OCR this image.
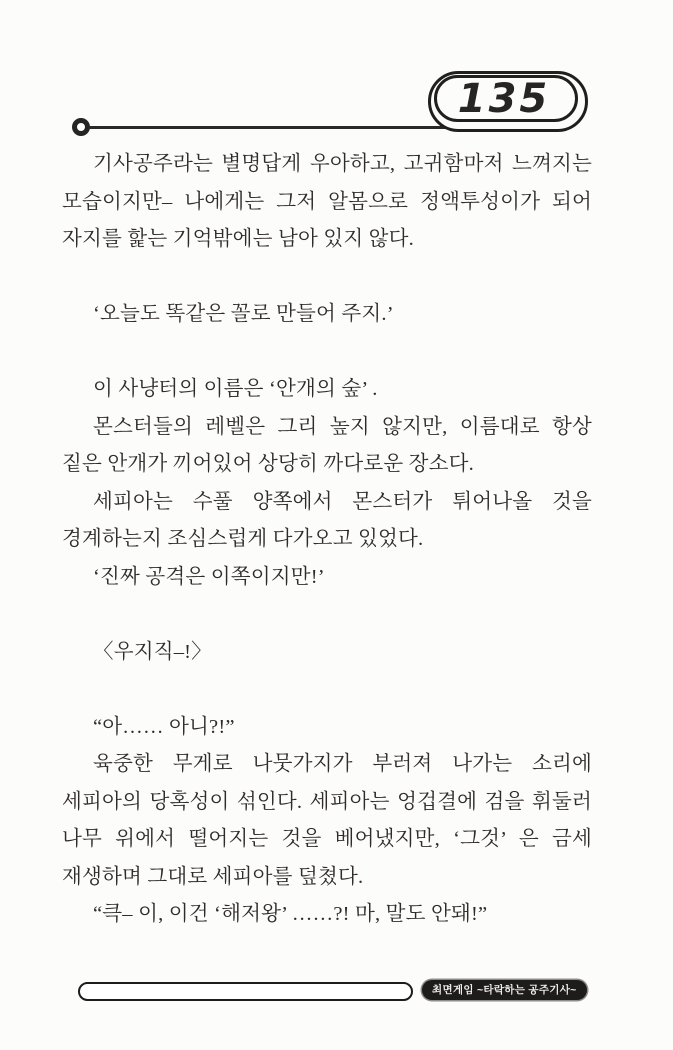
135

기사공주라는 별명답게 우아하고, 고귀함마저 느껴지는 모습이지만– 나에게는 그저 알몸으로 정액투성이가 되어 자지를 핥는 기억밖에는 남아 있지 않다.

‘오늘도 똑같은 꼴로 만들어 주지.’

이 사냥터의 이름은 ‘안개의 숲’ .

몬스터들의 레벨은 그리 높지 않지만, 이름대로 항상 짙은 안개가 끼어있어 상당히 까다로운 장소다.

세피아는 수풀 양쪽에서 몬스터가 튀어나올 것을 경계하는지 조심스럽게 다가오고 있었다.

‘진짜 공격은 이쪽이지만!’

〈우지직–!〉

“아…… 아니?!”

육중한 무게로 나뭇가지가 부러져 나가는 소리에 세피아의 당혹성이 섞인다. 세피아는 엉겁결에 검을 휘둘러 나무 위에서 떨어지는 것을 베어냈지만, ‘그것’ 은 금세 재생하며 그대로 세피아를 덮쳤다.

“큭– 이, 이건 ‘해저왕’ ……?! 마, 말도 안돼!”

최면게임 ~타락하는 공주기사~
